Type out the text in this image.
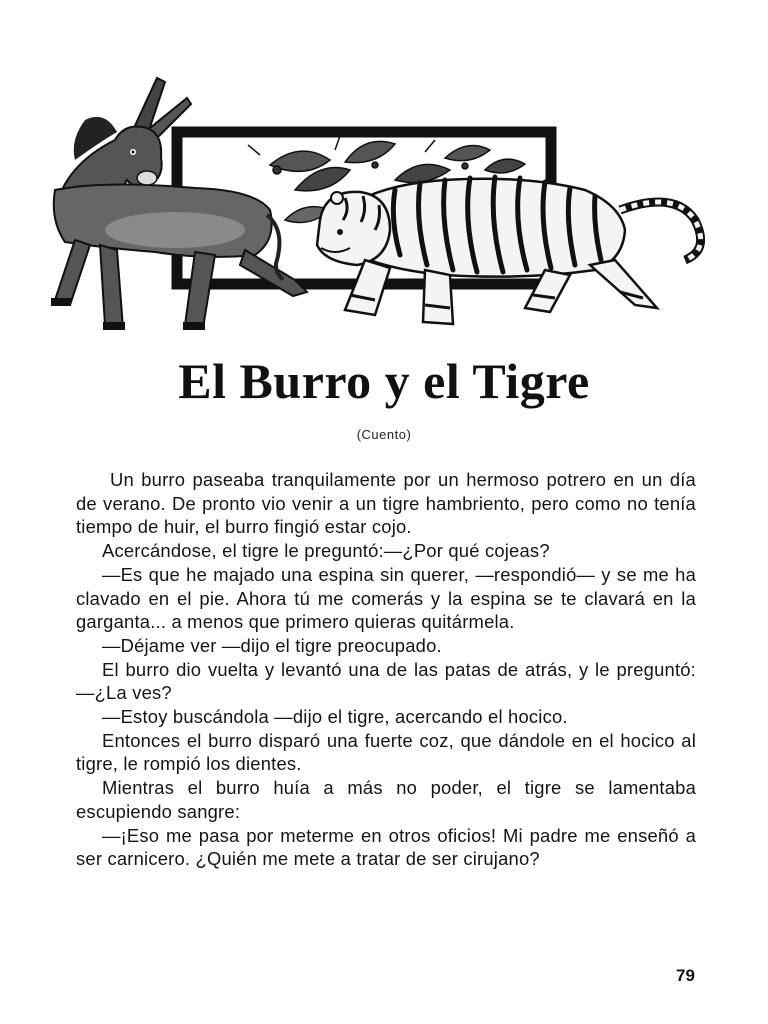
El Burro y el Tigre
(Cuento)

Un burro paseaba tranquilamente por un hermoso potrero en un día de verano. De pronto vio venir a un tigre hambriento, pero como no tenía tiempo de huir, el burro fingió estar cojo.

Acercándose, el tigre le preguntó:—¿Por qué cojeas?

—Es que he majado una espina sin querer, —respondió— y se me ha clavado en el pie. Ahora tú me comerás y la espina se te clavará en la garganta... a menos que primero quieras quitármela.

—Déjame ver —dijo el tigre preocupado.

El burro dio vuelta y levantó una de las patas de atrás, y le preguntó: —¿La ves?

—Estoy buscándola —dijo el tigre, acercando el hocico.

Entonces el burro disparó una fuerte coz, que dándole en el hocico al tigre, le rompió los dientes.

Mientras el burro huía a más no poder, el tigre se lamentaba escupiendo sangre:

—¡Eso me pasa por meterme en otros oficios! Mi padre me enseñó a ser carnicero. ¿Quién me mete a tratar de ser cirujano?

79
